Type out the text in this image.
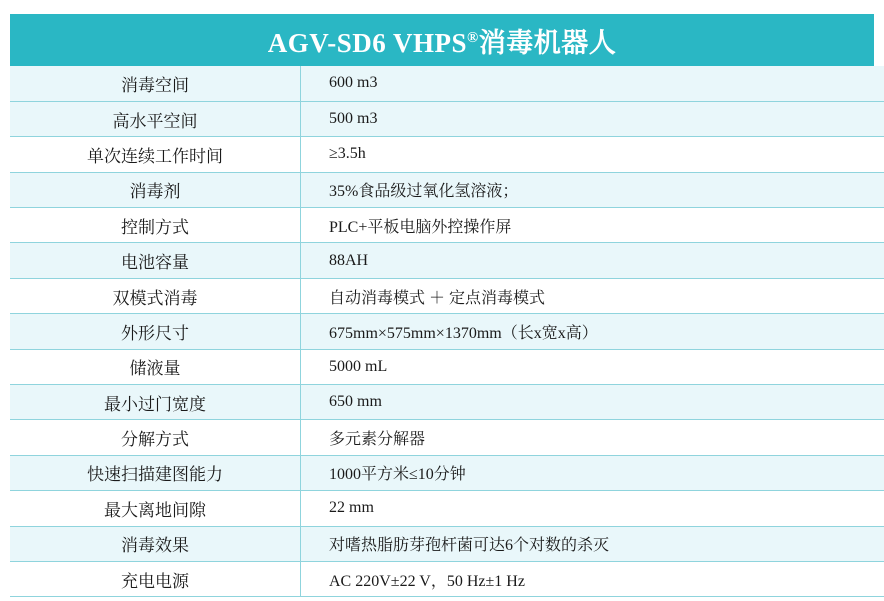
AGV-SD6 VHPS®消毒机器人
消毒空间	600 m3
高水平空间	500 m3
单次连续工作时间	≥3.5h
消毒剂	35%食品级过氧化氢溶液；
控制方式	PLC+平板电脑外控操作屏
电池容量	88AH
双模式消毒	自动消毒模式 ＋ 定点消毒模式
外形尺寸	675mm×575mm×1370mm（长x宽x高）
储液量	5000 mL
最小过门宽度	650 mm
分解方式	多元素分解器
快速扫描建图能力	1000平方米≤10分钟
最大离地间隙	22 mm
消毒效果	对嗜热脂肪芽孢杆菌可达6个对数的杀灭
充电电源	AC 220V±22 V，50 Hz±1 Hz
